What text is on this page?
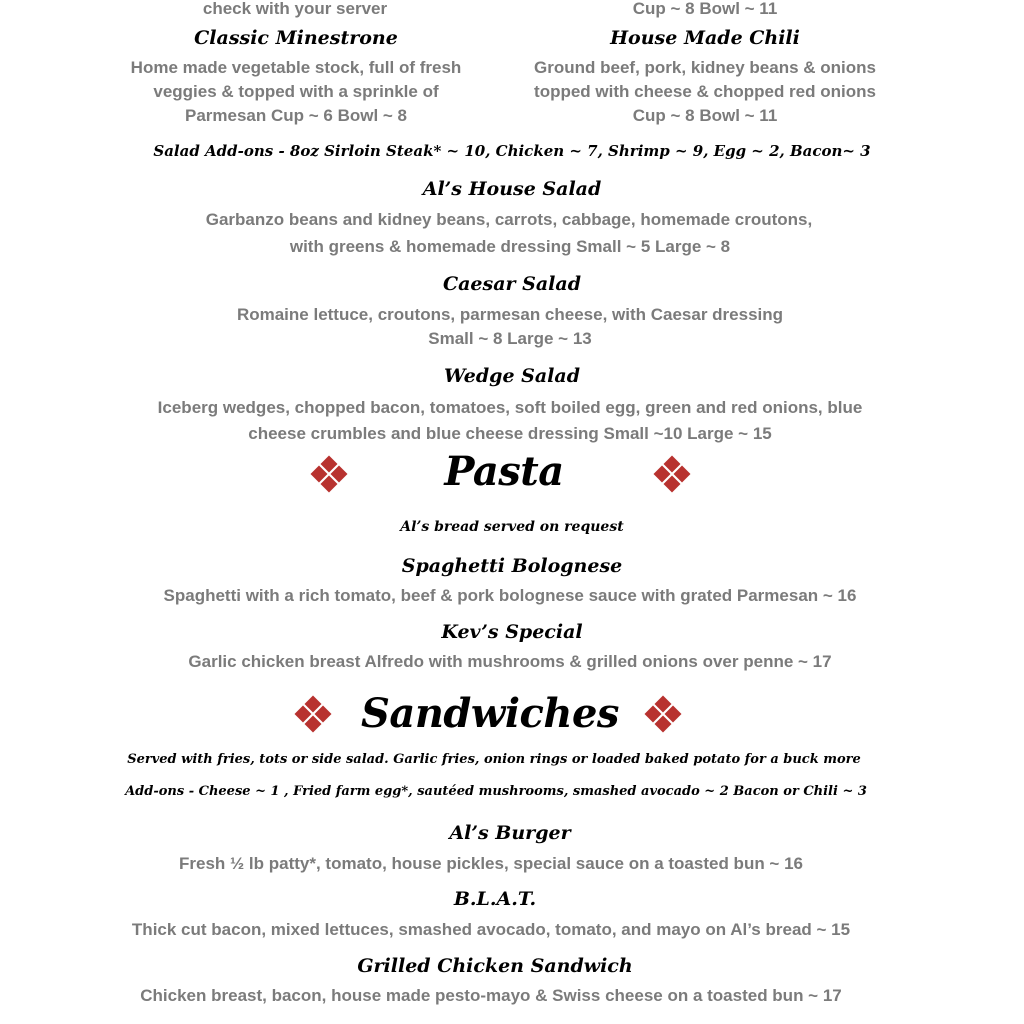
check with your server	Cup ~ 8 Bowl ~ 11
Classic Minestrone	House Made Chili
Home made vegetable stock, full of fresh
veggies & topped with a sprinkle of
Parmesan Cup ~ 6 Bowl ~ 8
Ground beef, pork, kidney beans & onions
topped with cheese & chopped red onions
Cup ~ 8 Bowl ~ 11
Salad Add-ons - 8oz Sirloin Steak* ~ 10, Chicken ~ 7, Shrimp ~ 9, Egg ~ 2, Bacon~ 3
Al’s House Salad
Garbanzo beans and kidney beans, carrots, cabbage, homemade croutons,
with greens & homemade dressing Small ~ 5 Large ~ 8
Caesar Salad
Romaine lettuce, croutons, parmesan cheese, with Caesar dressing
Small ~ 8 Large ~ 13
Wedge Salad
Iceberg wedges, chopped bacon, tomatoes, soft boiled egg, green and red onions, blue
cheese crumbles and blue cheese dressing Small ~10 Large ~ 15
Pasta
Al’s bread served on request
Spaghetti Bolognese
Spaghetti with a rich tomato, beef & pork bolognese sauce with grated Parmesan ~ 16
Kev’s Special
Garlic chicken breast Alfredo with mushrooms & grilled onions over penne ~ 17
Sandwiches
Served with fries, tots or side salad. Garlic fries, onion rings or loaded baked potato for a buck more
Add-ons - Cheese ~ 1 , Fried farm egg*, sautéed mushrooms, smashed avocado ~ 2 Bacon or Chili ~ 3
Al’s Burger
Fresh ½ lb patty*, tomato, house pickles, special sauce on a toasted bun ~ 16
B.L.A.T.
Thick cut bacon, mixed lettuces, smashed avocado, tomato, and mayo on Al’s bread ~ 15
Grilled Chicken Sandwich
Chicken breast, bacon, house made pesto-mayo & Swiss cheese on a toasted bun ~ 17
